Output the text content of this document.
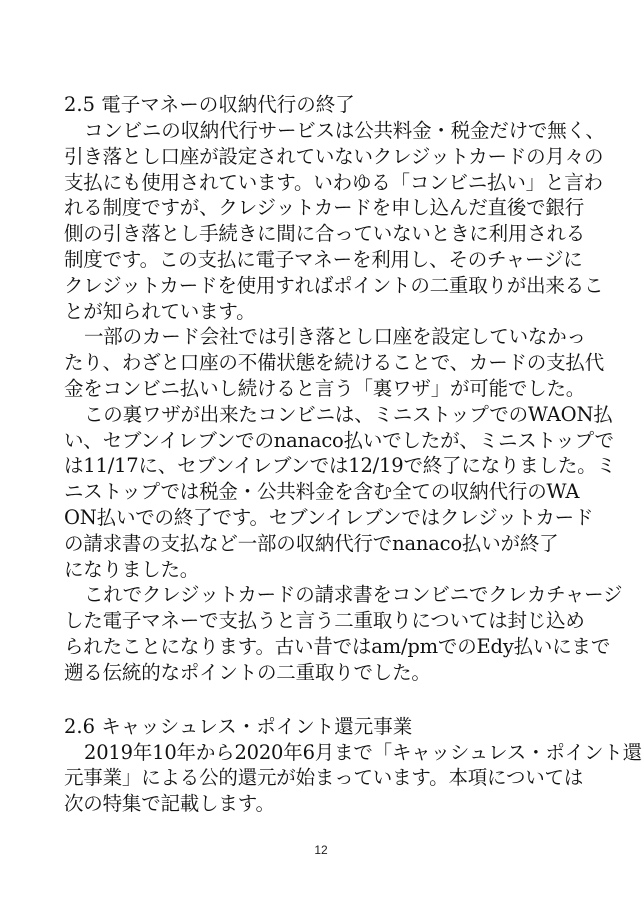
2.5 電子マネーの収納代行の終了
コンビニの収納代行サービスは公共料金・税金だけで無く、
引き落とし口座が設定されていないクレジットカードの月々の
支払にも使用されています。いわゆる「コンビニ払い」と言わ
れる制度ですが、クレジットカードを申し込んだ直後で銀行
側の引き落とし手続きに間に合っていないときに利用される
制度です。この支払に電子マネーを利用し、そのチャージに
クレジットカードを使用すればポイントの二重取りが出来るこ
とが知られています。
一部のカード会社では引き落とし口座を設定していなかっ
たり、わざと口座の不備状態を続けることで、カードの支払代
金をコンビニ払いし続けると言う「裏ワザ」が可能でした。
この裏ワザが出来たコンビニは、ミニストップでのWAON払
い、セブンイレブンでのnanaco払いでしたが、ミニストップで
は11/17に、セブンイレブンでは12/19で終了になりました。ミ
ニストップでは税金・公共料金を含む全ての収納代行のWA
ON払いでの終了です。セブンイレブンではクレジットカード
の請求書の支払など一部の収納代行でnanaco払いが終了
になりました。
これでクレジットカードの請求書をコンビニでクレカチャージ
した電子マネーで支払うと言う二重取りについては封じ込め
られたことになります。古い昔ではam/pmでのEdy払いにまで
遡る伝統的なポイントの二重取りでした。
2.6 キャッシュレス・ポイント還元事業
2019年10年から2020年6月まで「キャッシュレス・ポイント還
元事業」による公的還元が始まっています。本項については
次の特集で記載します。
12
